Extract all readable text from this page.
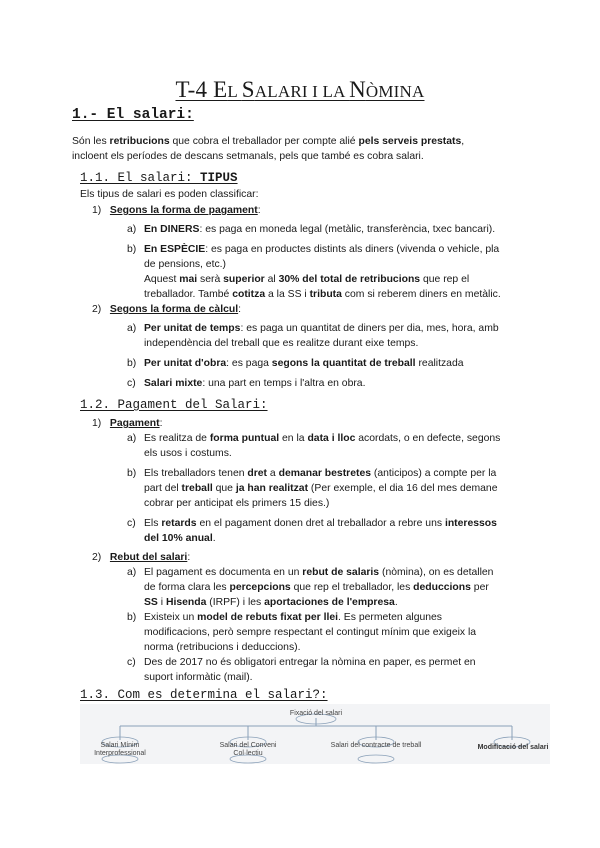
T-4 EL SALARI I LA NÒMINA
1.- El salari:
Són les retribucions que cobra el treballador per compte alié pels serveis prestats,
incloent els períodes de descans setmanals, pels que també es cobra salari.
1.1. El salari: TIPUS
Els tipus de salari es poden classificar:
1) Segons la forma de pagament:
a) En DINERS: es paga en moneda legal (metàlic, transferència, txec bancari).
b) En ESPÈCIE: es paga en productes distints als diners (vivenda o vehicle, pla
de pensions, etc.)
Aquest mai serà superior al 30% del total de retribucions que rep el
treballador. També cotitza a la SS i tributa com si reberem diners en metàlic.
2) Segons la forma de càlcul:
a) Per unitat de temps: es paga un quantitat de diners per dia, mes, hora, amb
independència del treball que es realitze durant eixe temps.
b) Per unitat d'obra: es paga segons la quantitat de treball realitzada
c) Salari mixte: una part en temps i l'altra en obra.
1.2. Pagament del Salari:
1) Pagament:
a) Es realitza de forma puntual en la data i lloc acordats, o en defecte, segons
els usos i costums.
b) Els treballadors tenen dret a demanar bestretes (anticipos) a compte per la
part del treball que ja han realitzat (Per exemple, el dia 16 del mes demane
cobrar per anticipat els primers 15 dies.)
c) Els retards en el pagament donen dret al treballador a rebre uns interessos
del 10% anual.
2) Rebut del salari:
a) El pagament es documenta en un rebut de salaris (nòmina), on es detallen
de forma clara les percepcions que rep el treballador, les deduccions per
SS i Hisenda (IRPF) i les aportaciones de l'empresa.
b) Existeix un model de rebuts fixat per llei. Es permeten algunes
modificacions, però sempre respectant el contingut mínim que exigeix la
norma (retribucions i deduccions).
c) Des de 2017 no és obligatori entregar la nòmina en paper, es permet en
suport informàtic (mail).
1.3. Com es determina el salari?:
Fixació del salari
Salari Mínim Interprofessional
Salari del Conveni Col·lectiu
Salari del contracte de treball	Modificació del salari
